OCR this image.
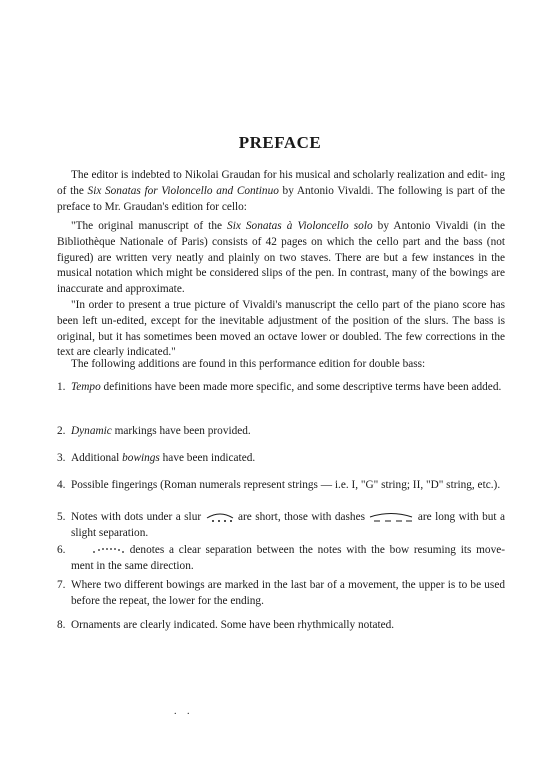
PREFACE
The editor is indebted to Nikolai Graudan for his musical and scholarly realization and edit- ing of the Six Sonatas for Violoncello and Continuo by Antonio Vivaldi. The following is part of the preface to Mr. Graudan's edition for cello:
"The original manuscript of the Six Sonatas à Violoncello solo by Antonio Vivaldi (in the Bibliothèque Nationale of Paris) consists of 42 pages on which the cello part and the bass (not figured) are written very neatly and plainly on two staves. There are but a few instances in the musical notation which might be considered slips of the pen. In contrast, many of the bowings are inaccurate and approximate.
"In order to present a true picture of Vivaldi's manuscript the cello part of the piano score has been left un-edited, except for the inevitable adjustment of the position of the slurs. The bass is original, but it has sometimes been moved an octave lower or doubled. The few corrections in the text are clearly indicated."
The following additions are found in this performance edition for double bass:
1. Tempo definitions have been made more specific, and some descriptive terms have been added.
2. Dynamic markings have been provided.
3. Additional bowings have been indicated.
4. Possible fingerings (Roman numerals represent strings — i.e. I, "G" string; II, "D" string, etc.).
5. Notes with dots under a slur	are short, those with dashes	are long with but a slight separation.
6.	denotes a clear separation between the notes with the bow resuming its move- ment in the same direction.
7. Where two different bowings are marked in the last bar of a movement, the upper is to be used before the repeat, the lower for the ending.
8. Ornaments are clearly indicated. Some have been rhythmically notated.
. .
